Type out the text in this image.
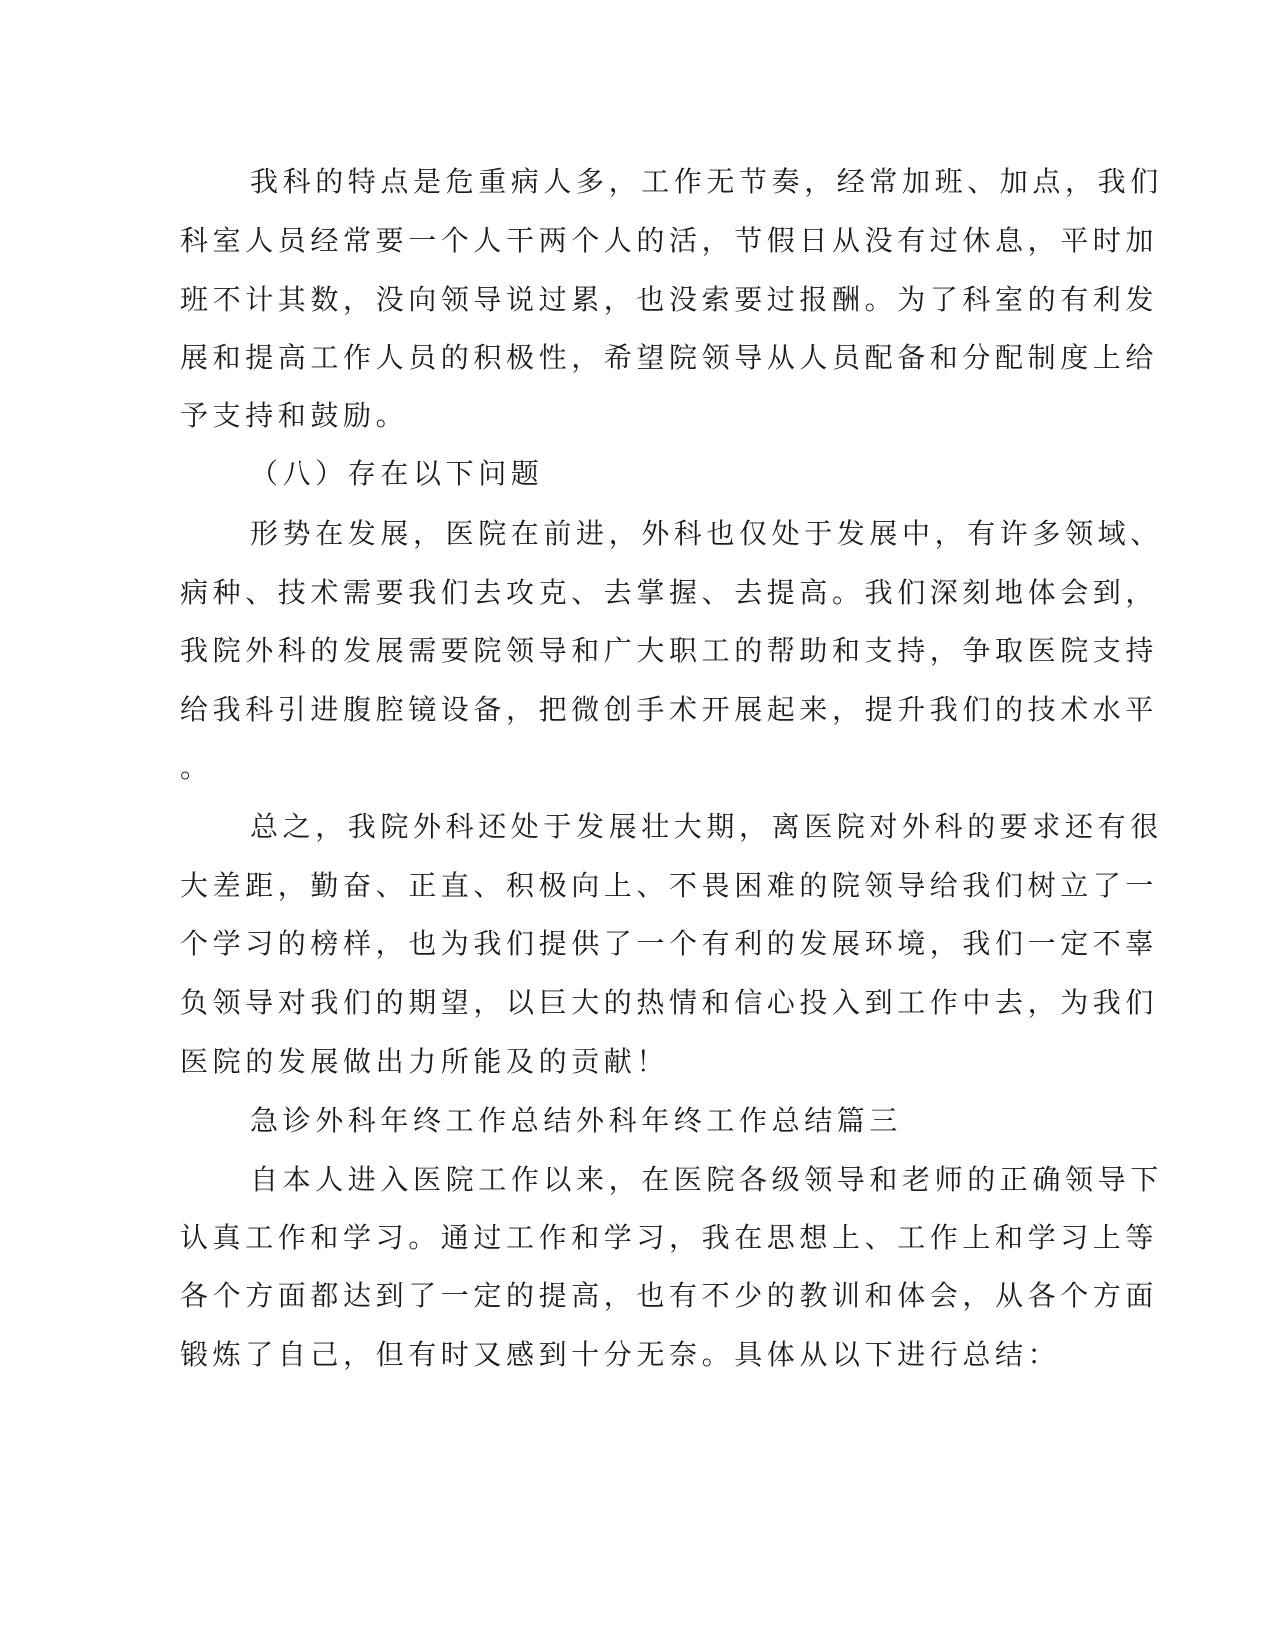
我科的特点是危重病人多，工作无节奏，经常加班、加点，我们
科室人员经常要一个人干两个人的活，节假日从没有过休息，平时加
班不计其数，没向领导说过累，也没索要过报酬。为了科室的有利发
展和提高工作人员的积极性，希望院领导从人员配备和分配制度上给
予支持和鼓励。
（八）存在以下问题
形势在发展，医院在前进，外科也仅处于发展中，有许多领域、
病种、技术需要我们去攻克、去掌握、去提高。我们深刻地体会到，
我院外科的发展需要院领导和广大职工的帮助和支持，争取医院支持
给我科引进腹腔镜设备，把微创手术开展起来，提升我们的技术水平
。
总之，我院外科还处于发展壮大期，离医院对外科的要求还有很
大差距，勤奋、正直、积极向上、不畏困难的院领导给我们树立了一
个学习的榜样，也为我们提供了一个有利的发展环境，我们一定不辜
负领导对我们的期望，以巨大的热情和信心投入到工作中去，为我们
医院的发展做出力所能及的贡献！
急诊外科年终工作总结外科年终工作总结篇三
自本人进入医院工作以来，在医院各级领导和老师的正确领导下
认真工作和学习。通过工作和学习，我在思想上、工作上和学习上等
各个方面都达到了一定的提高，也有不少的教训和体会，从各个方面
锻炼了自己，但有时又感到十分无奈。具体从以下进行总结：
